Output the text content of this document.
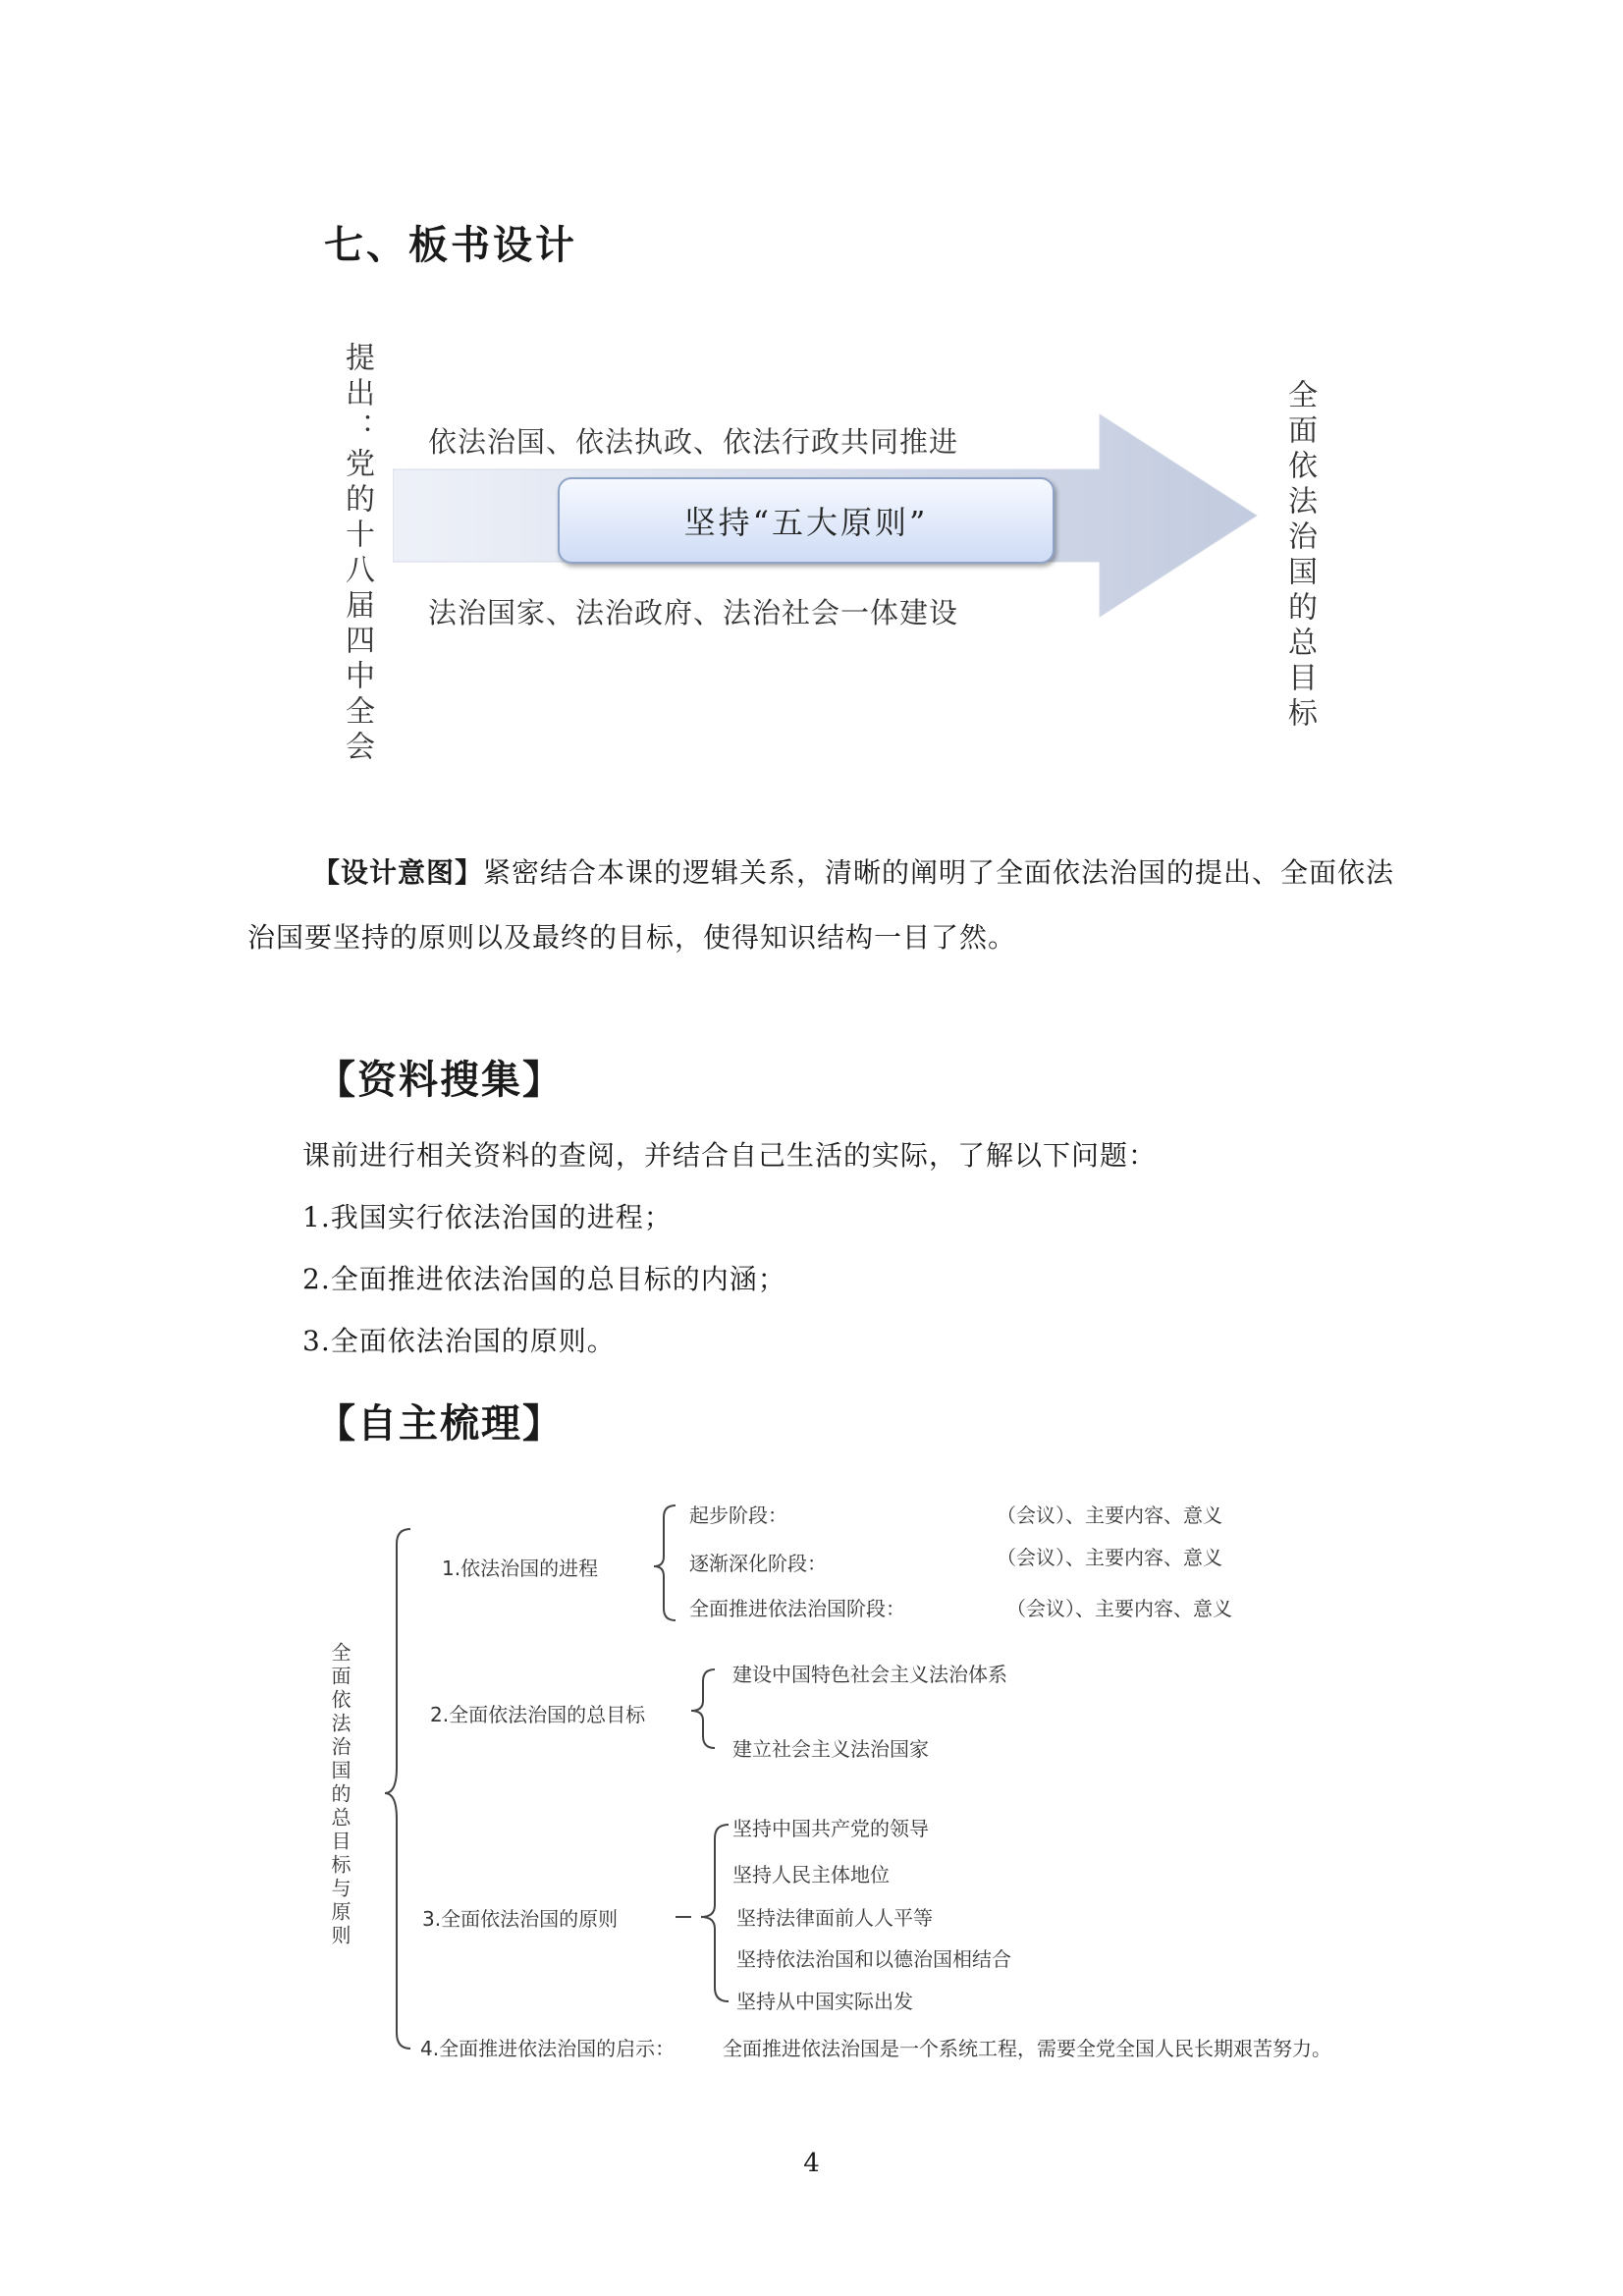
七、板书设计
提出：党的十八届四中全会	全面依法治国的总目标
依法治国、依法执政、依法行政共同推进
法治国家、法治政府、法治社会一体建设
坚持“五大原则”
【设计意图】紧密结合本课的逻辑关系，清晰的阐明了全面依法治国的提出、全面依法
治国要坚持的原则以及最终的目标，使得知识结构一目了然。
【资料搜集】
课前进行相关资料的查阅，并结合自己生活的实际，了解以下问题：
1.我国实行依法治国的进程；
2.全面推进依法治国的总目标的内涵；
3.全面依法治国的原则。
【自主梳理】
全面依法治国的总目标与原则
1.依法治国的进程
起步阶段：	（会议）、主要内容、意义
逐渐深化阶段：	（会议）、主要内容、意义
全面推进依法治国阶段：	（会议）、主要内容、意义
2.全面依法治国的总目标
建设中国特色社会主义法治体系
建立社会主义法治国家
3.全面依法治国的原则
坚持中国共产党的领导
坚持人民主体地位
坚持法律面前人人平等
坚持依法治国和以德治国相结合
坚持从中国实际出发
4.全面推进依法治国的启示： 全面推进依法治国是一个系统工程，需要全党全国人民长期艰苦努力。
4
